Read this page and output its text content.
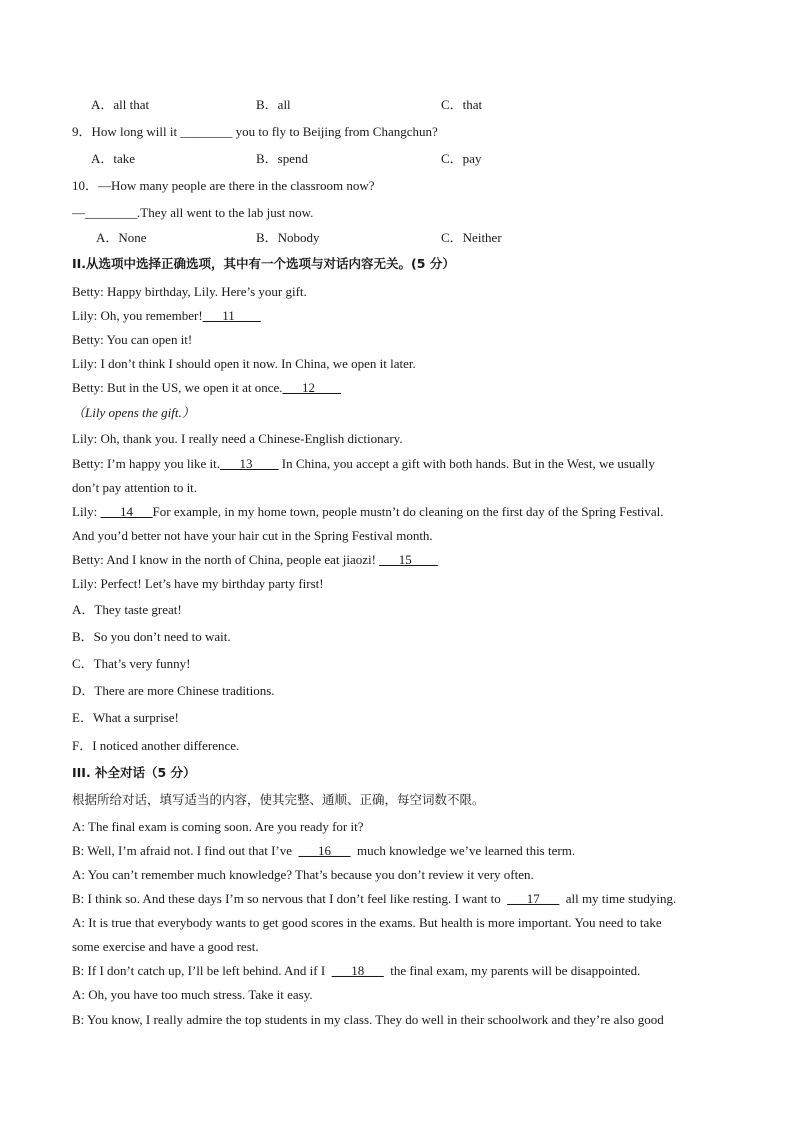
A．all that	B．all	C．that
9．How long will it ________ you to fly to Beijing from Changchun?
A．take	B．spend	C．pay
10．—How many people are there in the classroom now?
—________.They all went to the lab just now.
A．None	B．Nobody	C．Neither
II.从选项中选择正确选项，其中有一个选项与对话内容无关。(5 分）
Betty: Happy birthday, Lily. Here’s your gift.
Lily: Oh, you remember!___11____
Betty: You can open it!
Lily: I don’t think I should open it now. In China, we open it later.
Betty: But in the US, we open it at once.___12____
（Lily opens the gift.）
Lily: Oh, thank you. I really need a Chinese-English dictionary.
Betty: I’m happy you like it.___13____ In China, you accept a gift with both hands. But in the West, we usually
don’t pay attention to it.
Lily: ___14___For example, in my home town, people mustn’t do cleaning on the first day of the Spring Festival.
And you’d better not have your hair cut in the Spring Festival month.
Betty: And I know in the north of China, people eat jiaozi! ___15____
Lily: Perfect! Let’s have my birthday party first!
A．They taste great!
B．So you don’t need to wait.
C．That’s very funny!
D．There are more Chinese traditions.
E．What a surprise!
F．I noticed another difference.
III. 补全对话（5 分）
根据所给对话，填写适当的内容，使其完整、通顺、正确，每空词数不限。
A: The final exam is coming soon. Are you ready for it?
B: Well, I’m afraid not. I find out that I’ve ___16___ much knowledge we’ve learned this term.
A: You can’t remember much knowledge? That’s because you don’t review it very often.
B: I think so. And these days I’m so nervous that I don’t feel like resting. I want to ___17___ all my time studying.
A: It is true that everybody wants to get good scores in the exams. But health is more important. You need to take
some exercise and have a good rest.
B: If I don’t catch up, I’ll be left behind. And if I ___18___ the final exam, my parents will be disappointed.
A: Oh, you have too much stress. Take it easy.
B: You know, I really admire the top students in my class. They do well in their schoolwork and they’re also good
